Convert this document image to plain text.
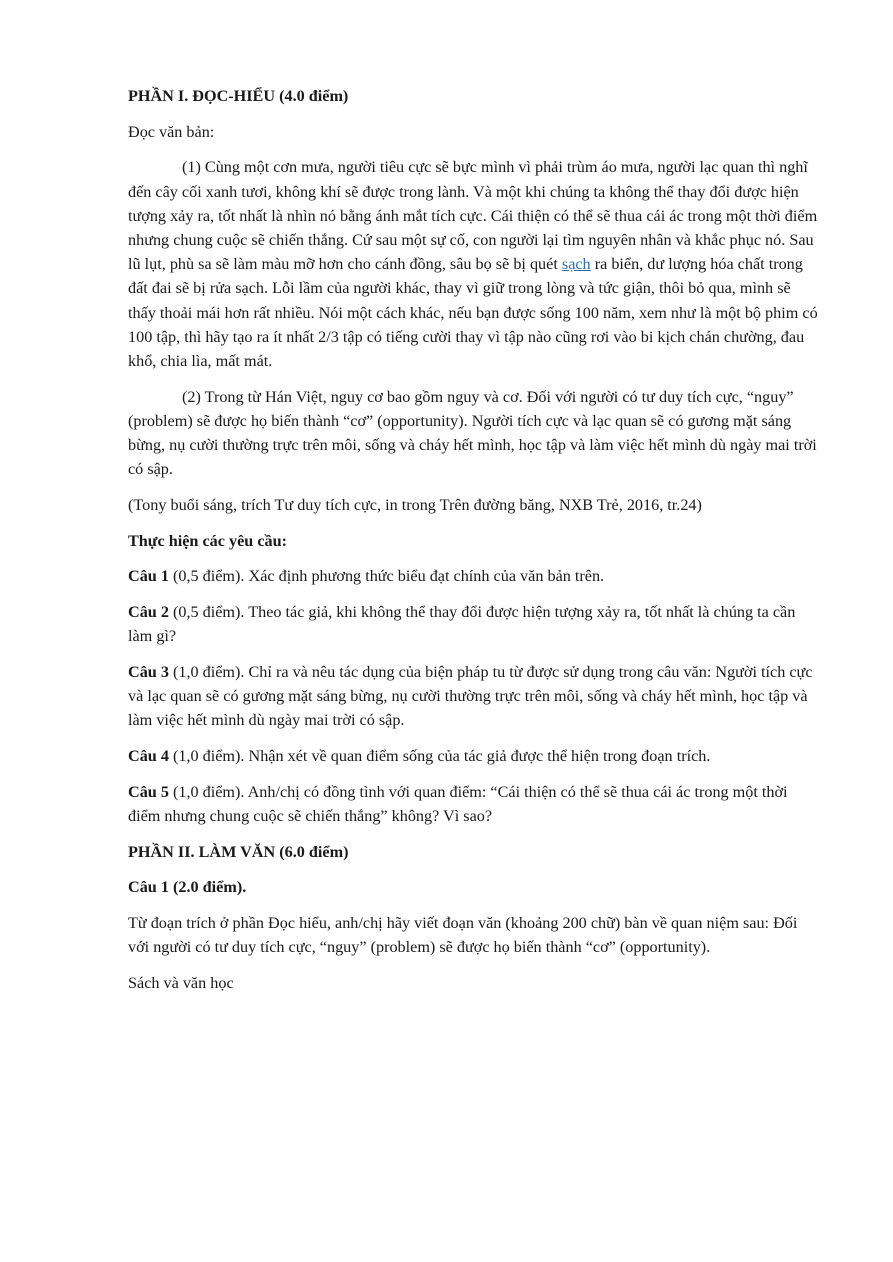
PHẦN I. ĐỌC-HIỂU (4.0 điểm)

Đọc văn bản:

(1) Cùng một cơn mưa, người tiêu cực sẽ bực mình vì phải trùm áo mưa, người lạc quan thì nghĩ đến cây cối xanh tươi, không khí sẽ được trong lành. Và một khi chúng ta không thể thay đổi được hiện tượng xảy ra, tốt nhất là nhìn nó bằng ánh mắt tích cực. Cái thiện có thể sẽ thua cái ác trong một thời điểm nhưng chung cuộc sẽ chiến thắng. Cứ sau một sự cố, con người lại tìm nguyên nhân và khắc phục nó. Sau lũ lụt, phù sa sẽ làm màu mỡ hơn cho cánh đồng, sâu bọ sẽ bị quét sạch ra biển, dư lượng hóa chất trong đất đai sẽ bị rửa sạch. Lỗi lầm của người khác, thay vì giữ trong lòng và tức giận, thôi bỏ qua, mình sẽ thấy thoải mái hơn rất nhiều. Nói một cách khác, nếu bạn được sống 100 năm, xem như là một bộ phim có 100 tập, thì hãy tạo ra ít nhất 2/3 tập có tiếng cười thay vì tập nào cũng rơi vào bi kịch chán chường, đau khổ, chia lìa, mất mát.

(2) Trong từ Hán Việt, nguy cơ bao gồm nguy và cơ. Đối với người có tư duy tích cực, “nguy” (problem) sẽ được họ biến thành “cơ” (opportunity). Người tích cực và lạc quan sẽ có gương mặt sáng bừng, nụ cười thường trực trên môi, sống và cháy hết mình, học tập và làm việc hết mình dù ngày mai trời có sập.

(Tony buổi sáng, trích Tư duy tích cực, in trong Trên đường băng, NXB Trẻ, 2016, tr.24)

Thực hiện các yêu cầu:

Câu 1 (0,5 điểm). Xác định phương thức biểu đạt chính của văn bản trên.

Câu 2 (0,5 điểm). Theo tác giả, khi không thể thay đổi được hiện tượng xảy ra, tốt nhất là chúng ta cần làm gì?

Câu 3 (1,0 điểm). Chỉ ra và nêu tác dụng của biện pháp tu từ được sử dụng trong câu văn: Người tích cực và lạc quan sẽ có gương mặt sáng bừng, nụ cười thường trực trên môi, sống và cháy hết mình, học tập và làm việc hết mình dù ngày mai trời có sập.

Câu 4 (1,0 điểm). Nhận xét về quan điểm sống của tác giả được thể hiện trong đoạn trích.

Câu 5 (1,0 điểm). Anh/chị có đồng tình với quan điểm: “Cái thiện có thể sẽ thua cái ác trong một thời điểm nhưng chung cuộc sẽ chiến thắng” không? Vì sao?

PHẦN II. LÀM VĂN (6.0 điểm)

Câu 1 (2.0 điểm).

Từ đoạn trích ở phần Đọc hiểu, anh/chị hãy viết đoạn văn (khoảng 200 chữ) bàn về quan niệm sau: Đối với người có tư duy tích cực, “nguy” (problem) sẽ được họ biến thành “cơ” (opportunity).

Sách và văn học
